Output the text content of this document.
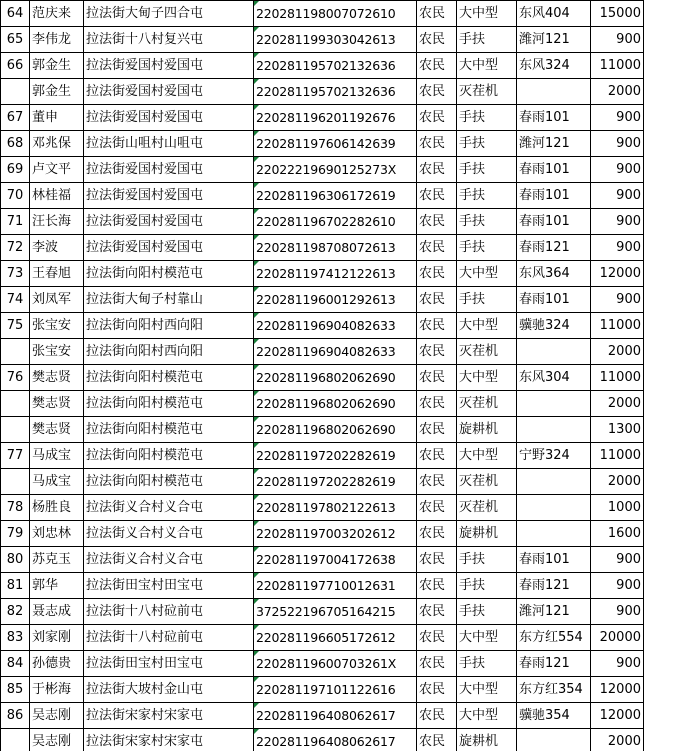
64	范庆来	拉法街大甸子四合屯	220281198007072610	农民	大中型	东风404	15000
65	李伟龙	拉法街十八村复兴屯	220281199303042613	农民	手扶	潍河121	900
66	郭金生	拉法街爱国村爱国屯	220281195702132636	农民	大中型	东风324	11000
	郭金生	拉法街爱国村爱国屯	220281195702132636	农民	灭茬机		2000
67	董申	拉法街爱国村爱国屯	220281196201192676	农民	手扶	春雨101	900
68	邓兆保	拉法街山咀村山咀屯	220281197606142639	农民	手扶	潍河121	900
69	卢文平	拉法街爱国村爱国屯	22022219690125273X	农民	手扶	春雨101	900
70	林桂福	拉法街爱国村爱国屯	220281196306172619	农民	手扶	春雨101	900
71	汪长海	拉法街爱国村爱国屯	220281196702282610	农民	手扶	春雨101	900
72	李波	拉法街爱国村爱国屯	220281198708072613	农民	手扶	春雨121	900
73	王春旭	拉法街向阳村模范屯	220281197412122613	农民	大中型	东风364	12000
74	刘凤军	拉法街大甸子村靠山	220281196001292613	农民	手扶	春雨101	900
75	张宝安	拉法街向阳村西向阳	220281196904082633	农民	大中型	骥驰324	11000
	张宝安	拉法街向阳村西向阳	220281196904082633	农民	灭茬机		2000
76	樊志贤	拉法街向阳村模范屯	220281196802062690	农民	大中型	东风304	11000
	樊志贤	拉法街向阳村模范屯	220281196802062690	农民	灭茬机		2000
	樊志贤	拉法街向阳村模范屯	220281196802062690	农民	旋耕机		1300
77	马成宝	拉法街向阳村模范屯	220281197202282619	农民	大中型	宁野324	11000
	马成宝	拉法街向阳村模范屯	220281197202282619	农民	灭茬机		2000
78	杨胜良	拉法街义合村义合屯	220281197802122613	农民	灭茬机		1000
79	刘忠林	拉法街义合村义合屯	220281197003202612	农民	旋耕机		1600
80	苏克玉	拉法街义合村义合屯	220281197004172638	农民	手扶	春雨101	900
81	郭华	拉法街田宝村田宝屯	220281197710012631	农民	手扶	春雨121	900
82	聂志成	拉法街十八村砬前屯	372522196705164215	农民	手扶	潍河121	900
83	刘家刚	拉法街十八村砬前屯	220281196605172612	农民	大中型	东方红554	20000
84	孙德贵	拉法街田宝村田宝屯	22028119600703261X	农民	手扶	春雨121	900
85	于彬海	拉法街大坡村金山屯	220281197101122616	农民	大中型	东方红354	12000
86	吴志刚	拉法街宋家村宋家屯	220281196408062617	农民	大中型	骥驰354	12000
	吴志刚	拉法街宋家村宋家屯	220281196408062617	农民	旋耕机		2000
